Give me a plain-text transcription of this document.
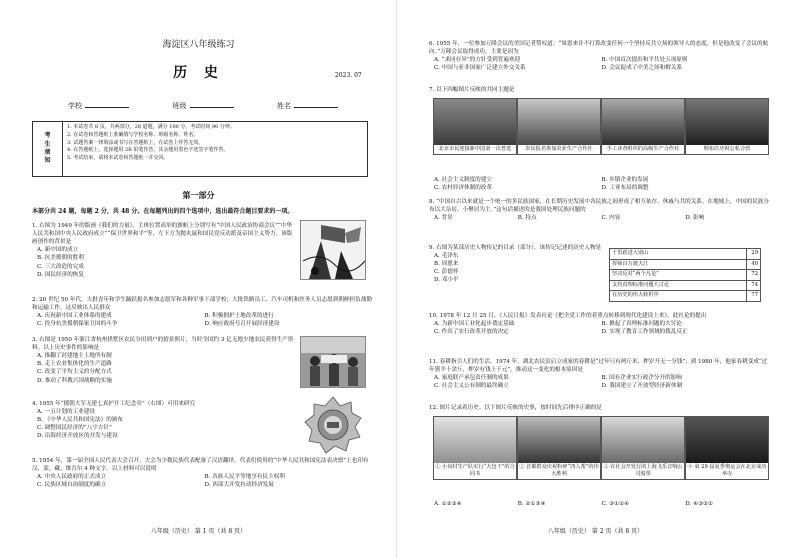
海淀区八年级练习
历 史	2023. 07
学校	班级	姓名
考
生
须
知
1. 本试卷共 8 页，共两部分，28 道题，满分 100 分。考试时间 90 分钟。
2. 在试卷和答题纸上准确填写学校名称、班级名称、姓名。
3. 试题答案一律填涂或书写在答题纸上，在试卷上作答无效。
4. 在答题纸上，选择题用 2B 铅笔作答，其余题用黑色字迹签字笔作答。
5. 考试结束，请将本试卷和答题纸一并交回。
第一部分
本部分共 24 题，每题 2 分，共 48 分。在每题列出的四个选项中，选出最符合题目要求的一项。
1. 右图为 1949 年的版画《我们的力量》，主体位置高举的旗帜上分别写有“中国人民政治协商会议”“中华人民共和国中央人民政府成立”“保卫世界和平”等，左下方为抛丸鼠和国民党反动派及帝国主义势力。该版画创作的背景是
A. 新中国的成立
B. 抗美援朝的胜利
C. 三大改造的完成
D. 国民经济的恢复
2. 20 世纪 50 年代，大批青年和学生踊跃报名参加志愿军和各种军事干部学校；大批铁路员工、汽车司机和医务人员志愿到朝鲜担负战勤和运输工作。这反映出人民群众
A. 庆祝新中国工业体系的建成	B. 积极拥护土地改革的进行
C. 投身抗美援朝保家卫国的斗争	D. 响应政府号召开展经济建设
3. 右图是 1950 年浙江省杭州拱墅区农民分田到户的情景照片，当时全国约 3 亿无地少地农民获得生产资料。以上历史事件的影响是
A. 推翻了封建地主土地所有制
B. 走上农业集体化的生产道路
C. 改变了平均主义的分配方式
D. 推动了科教兴国战略的实施
4. 1955 年“援朝大军无建七真护开工纪念章”（右图）可用来研究
A. 一五计划的工业建设
B. 《中华人民共和国宪法》的颁布
C. 调整国民经济的“八字方针”
D. 沿海经济开放区的开发与建设
5. 1954 年，第一届全国人民代表大会召开。大会为少数民族代表配备了汉语翻译，代表们使用的“中华人民共和国宪法表决票”上也印有汉、蒙、藏、维吾尔 4 种文字。以上材料可以说明
A. 中央人民政府的正式成立	B. 各族人民平等地享有民主权利
C. 民族区域自治制度的确立	D. 西部大开发拉动经济发展
八年级（历史） 第 1 页（共 8 页）
6. 1955 年，一位参加万隆会议的美国记者赞叹道：“周恩来并不打算改变任何一个坚持反共立场的领导人的态度，但是他改变了会议的航向。”万隆会议取得成功，主要是因为
A. “求同存异”的方针受到普遍欢迎	B. 中国首次提出和平共处五项原则
C. 中国与亚非国家广泛建立外交关系	D. 会议促成了中美之间和解关系
7. 以下四幅图片反映的共同主题是
北京市民迎接新中国第一次普选	农民报名参加农业生产合作社	手工业者组织的高级生产合作社	绸布店庆祝公私合营
A. 社会主义制度的建立	B. 乡镇企业的发展
C. 农村经济体制的改革	D. 工业布局的调整
8. “中国自古以来就是一个统一的多民族国家，在长期历史发展中各民族之间形成了相互依存、休戚与共的关系。在地域上，中国的民族分布以大杂居、小聚居为主。”这句话描述的是我国处理民族问题的
A. 背景	B. 特点	C. 内容	D. 影响
9. 右图为某部历史人物传记的目录（部分），该传记记述的历史人物是
A. 毛泽东
B. 周恩来
C. 彭德怀
D. 邓小平
千里跃进大别山	29
挥师百万渡大江	40
坚决反对“两个凡是”	72
支持真理标准问题大讨论	74
在历史的伟大转折中	77
10. 1978 年 12 月 25 日，《人民日报》发表社论《把全党工作的着重点转移到现代化建设上来》，此社论的提出
A. 为新中国工业化起步奠定基础	B. 掀起了真理标准问题的大讨论
C. 作出了实行改革开放的决定	D. 实现了教育工作领域的拨乱反正
11. 春耕指引人们的生活。1974 年，湖北农民彭启立成家的春耕是“过年只有两斤米，押岁升无一分钱”；到 1980 年，他家春耕变成“过年猪羊十余斤，押岁有钱上千元”。推动这一变化的根本原因是
A. 家庭联产承包责任制的成果	B. 国有企业实行政企分开的影响
C. 社会主义公有制的最终确立	D. 我国建立了开放型经济新体制
12. 图片记录着历史。以下图片反映的史事，按时间先后排序正确的是
① 小岗村生产队实行“大包干”的合同书
② 首都群众庆祝粉碎“四人帮”的伟大胜利
③ 在社会开发行的上海飞乐音响公司股票
④ 第 29 届夏季奥运会在北京成功举办
A. ①②③④	B. ②①③④	C. ③①②④	D. ④③②①
八年级（历史） 第 2 页（共 8 页）
